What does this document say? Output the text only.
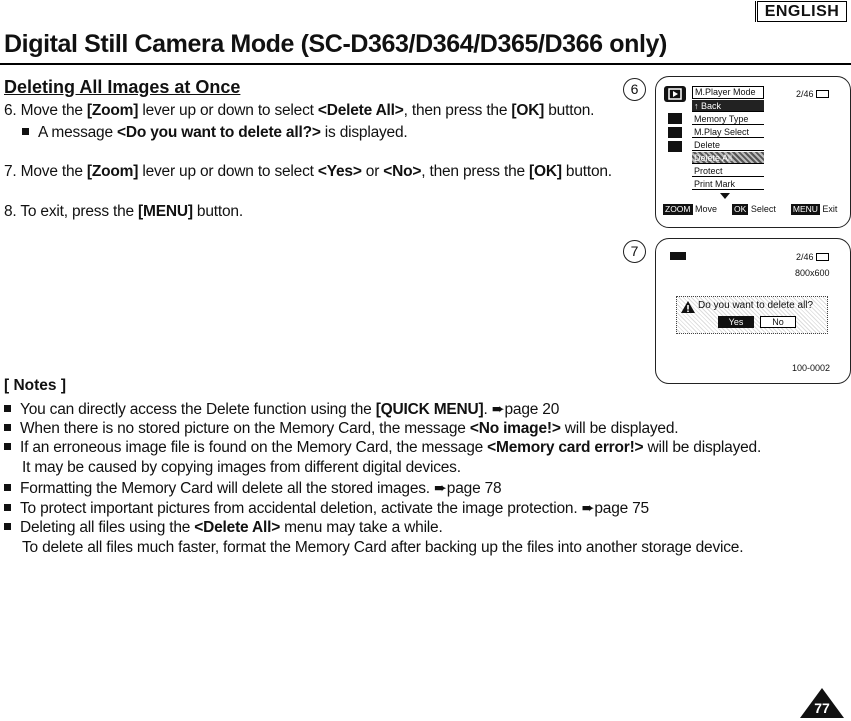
ENGLISH
Digital Still Camera Mode (SC-D363/D364/D365/D366 only)
Deleting All Images at Once
6. Move the [Zoom] lever up or down to select <Delete All>, then press the [OK] button.
A message <Do you want to delete all?> is displayed.
7. Move the [Zoom] lever up or down to select <Yes> or <No>, then press the [OK] button.
8. To exit, press the [MENU] button.
6	M.Player Mode	2/46
↑ Back
Memory Type
M.Play Select
Delete
Delete All
Protect
Print Mark
ZOOM Move OK Select MENU Exit
7	2/46
800x600
Do you want to delete all?
Yes	No
100-0002
[ Notes ]
You can directly access the Delete function using the [QUICK MENU]. ➨page 20
When there is no stored picture on the Memory Card, the message <No image!> will be displayed.
If an erroneous image file is found on the Memory Card, the message <Memory card error!> will be displayed.
It may be caused by copying images from different digital devices.
Formatting the Memory Card will delete all the stored images. ➨page 78
To protect important pictures from accidental deletion, activate the image protection. ➨page 75
Deleting all files using the <Delete All> menu may take a while.
To delete all files much faster, format the Memory Card after backing up the files into another storage device.
77
